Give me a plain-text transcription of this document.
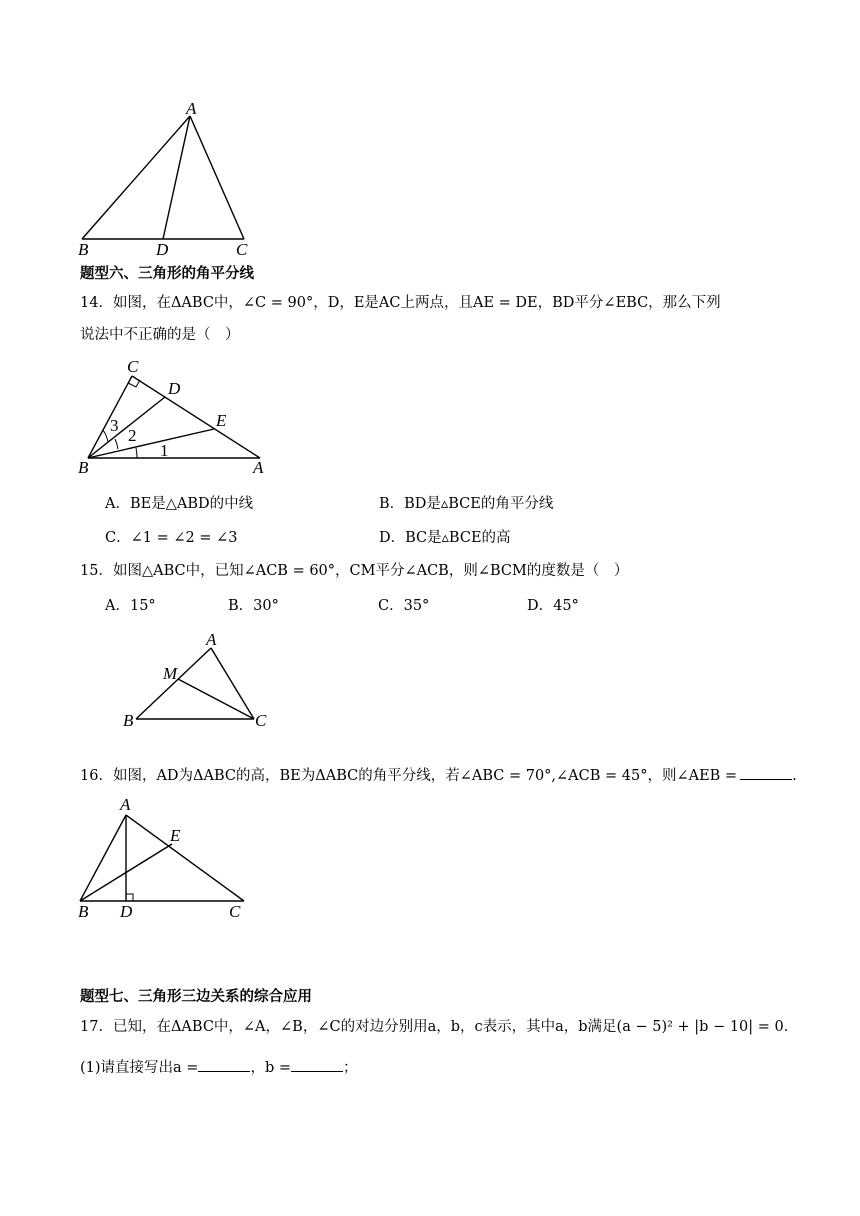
A
B	D	C
题型六、三角形的角平分线
14．如图，在ΔABC中，∠C = 90°，D，E是AC上两点，且AE = DE，BD平分∠EBC，那么下列
说法中不正确的是（　）
C
D
E
B	A
3
2
1
A．BE是△ABD的中线	B．BD是▵BCE的角平分线
C．∠1 = ∠2 = ∠3	D．BC是▵BCE的高
15．如图△ABC中，已知∠ACB = 60°，CM平分∠ACB，则∠BCM的度数是（　）
A．15°	B．30°	C．35°	D．45°
A
M
B	C
16．如图，AD为ΔABC的高，BE为ΔABC的角平分线，若∠ABC = 70°,∠ACB = 45°，则∠AEB =	.
A
E
B D	C
题型七、三角形三边关系的综合应用
17．已知，在ΔABC中，∠A，∠B，∠C的对边分别用a，b，c表示，其中a，b满足(a − 5)² + |b − 10| = 0．
(1)请直接写出a =	，b =	；
